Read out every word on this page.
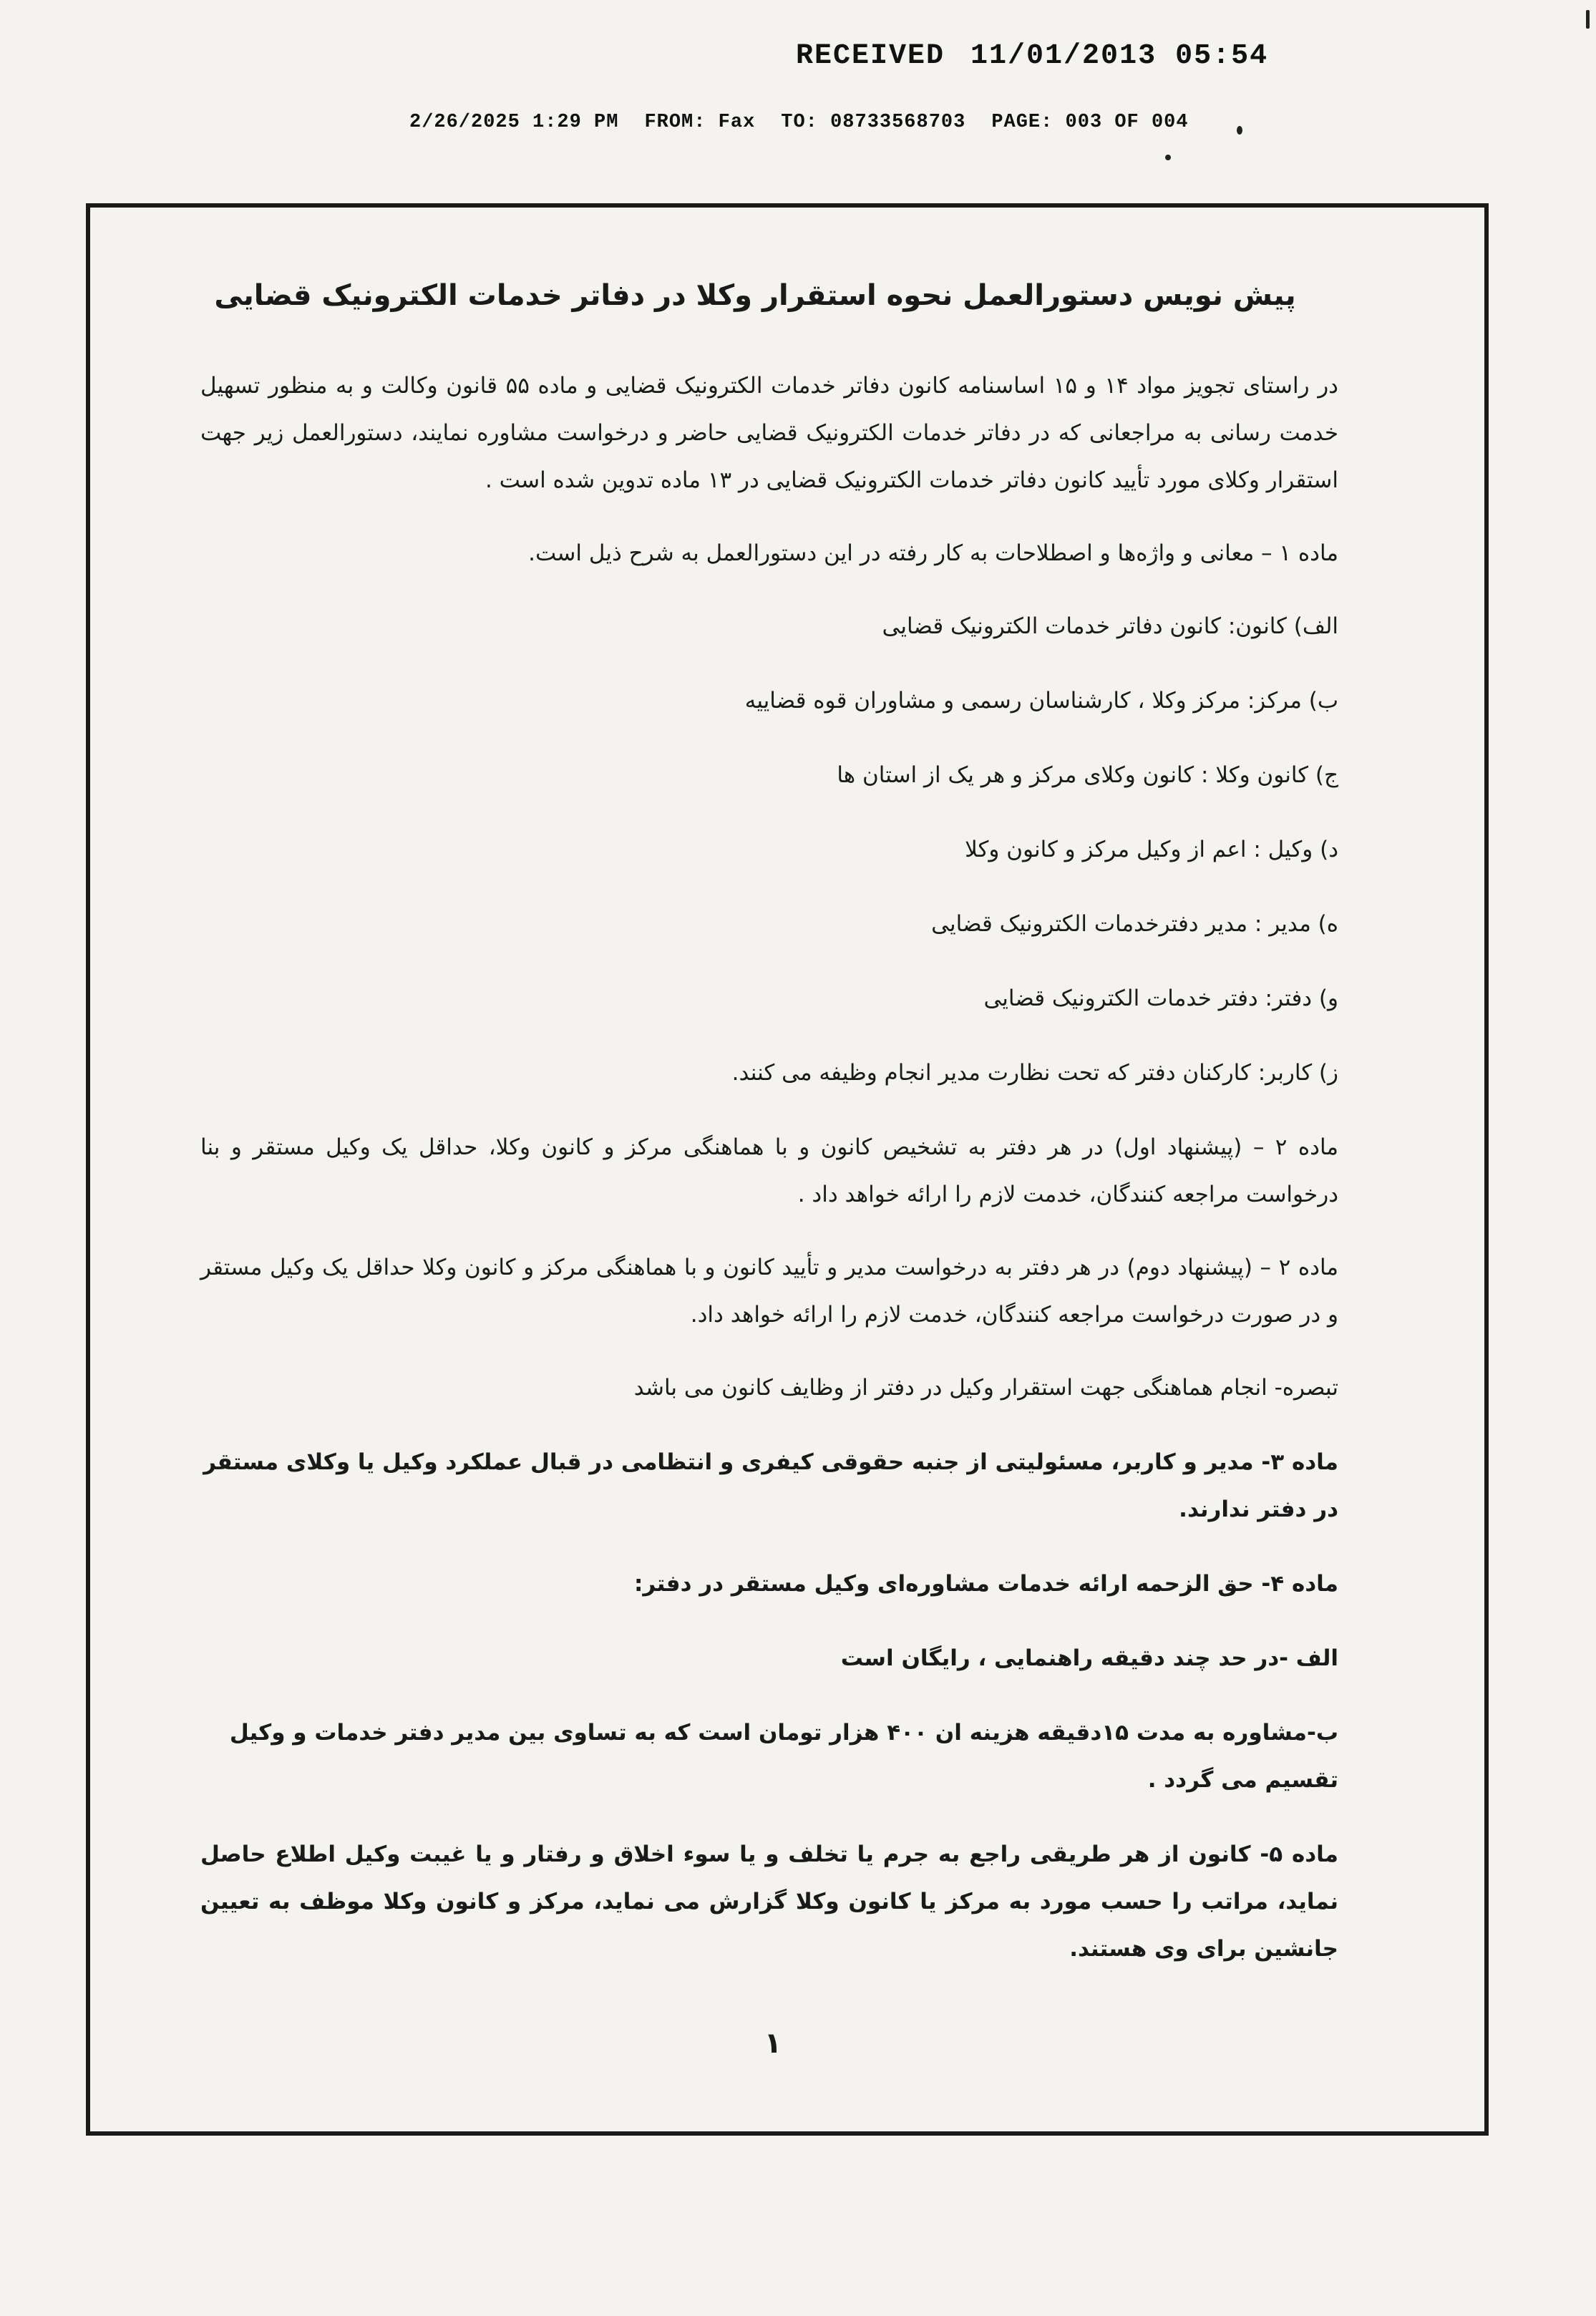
RECEIVED 11/01/2013 05:54
2/26/2025 1:29 PM FROM: Fax TO: 08733568703 PAGE: 003 OF 004
پیش نویس دستورالعمل نحوه استقرار وکلا در دفاتر خدمات الکترونیک قضایی

در راستای تجویز مواد ۱۴ و ۱۵ اساسنامه کانون دفاتر خدمات الکترونیک قضایی و ماده ۵۵ قانون وکالت و به منظور تسهیل خدمت رسانی به مراجعانی که در دفاتر خدمات الکترونیک قضایی حاضر و درخواست مشاوره نمایند، دستورالعمل زیر جهت استقرار وکلای مورد تأیید کانون دفاتر خدمات الکترونیک قضایی در ۱۳ ماده تدوین شده است .

ماده ۱ – معانی و واژه‌ها و اصطلاحات به کار رفته در این دستورالعمل به شرح ذیل است.

الف) کانون: کانون دفاتر خدمات الکترونیک قضایی

ب) مرکز: مرکز وکلا ، کارشناسان رسمی و مشاوران قوه قضاییه

ج) کانون وکلا : کانون وکلای مرکز و هر یک از استان ها

د) وکیل : اعم از وکیل مرکز و کانون وکلا

ه) مدیر : مدیر دفترخدمات الکترونیک قضایی

و) دفتر: دفتر خدمات الکترونیک قضایی

ز) کاربر: کارکنان دفتر که تحت نظارت مدیر انجام وظیفه می کنند.

ماده ۲ – (پیشنهاد اول) در هر دفتر به تشخیص کانون و با هماهنگی مرکز و کانون وکلا، حداقل یک وکیل مستقر و بنا درخواست مراجعه کنندگان، خدمت لازم را ارائه خواهد داد .

ماده ۲ – (پیشنهاد دوم) در هر دفتر به درخواست مدیر و تأیید کانون و با هماهنگی مرکز و کانون وکلا حداقل یک وکیل مستقر و در صورت درخواست مراجعه کنندگان، خدمت لازم را ارائه خواهد داد.

تبصره- انجام هماهنگی جهت استقرار وکیل در دفتر از وظایف کانون می باشد

ماده ۳- مدیر و کاربر، مسئولیتی از جنبه حقوقی کیفری و انتظامی در قبال عملکرد وکیل یا وکلای مستقر در دفتر ندارند.

ماده ۴- حق الزحمه ارائه خدمات مشاوره‌ای وکیل مستقر در دفتر:

الف -در حد چند دقیقه راهنمایی ، رایگان است

ب-مشاوره به مدت ۱۵دقیقه هزینه ان ۴۰۰ هزار تومان است که به تساوی بین مدیر دفتر خدمات و وکیل تقسیم می گردد .

ماده ۵- کانون از هر طریقی راجع به جرم یا تخلف و یا سوء اخلاق و رفتار و یا غیبت وکیل اطلاع حاصل نماید، مراتب را حسب مورد به مرکز یا کانون وکلا گزارش می نماید، مرکز و کانون وکلا موظف به تعیین جانشین برای وی هستند.

۱
